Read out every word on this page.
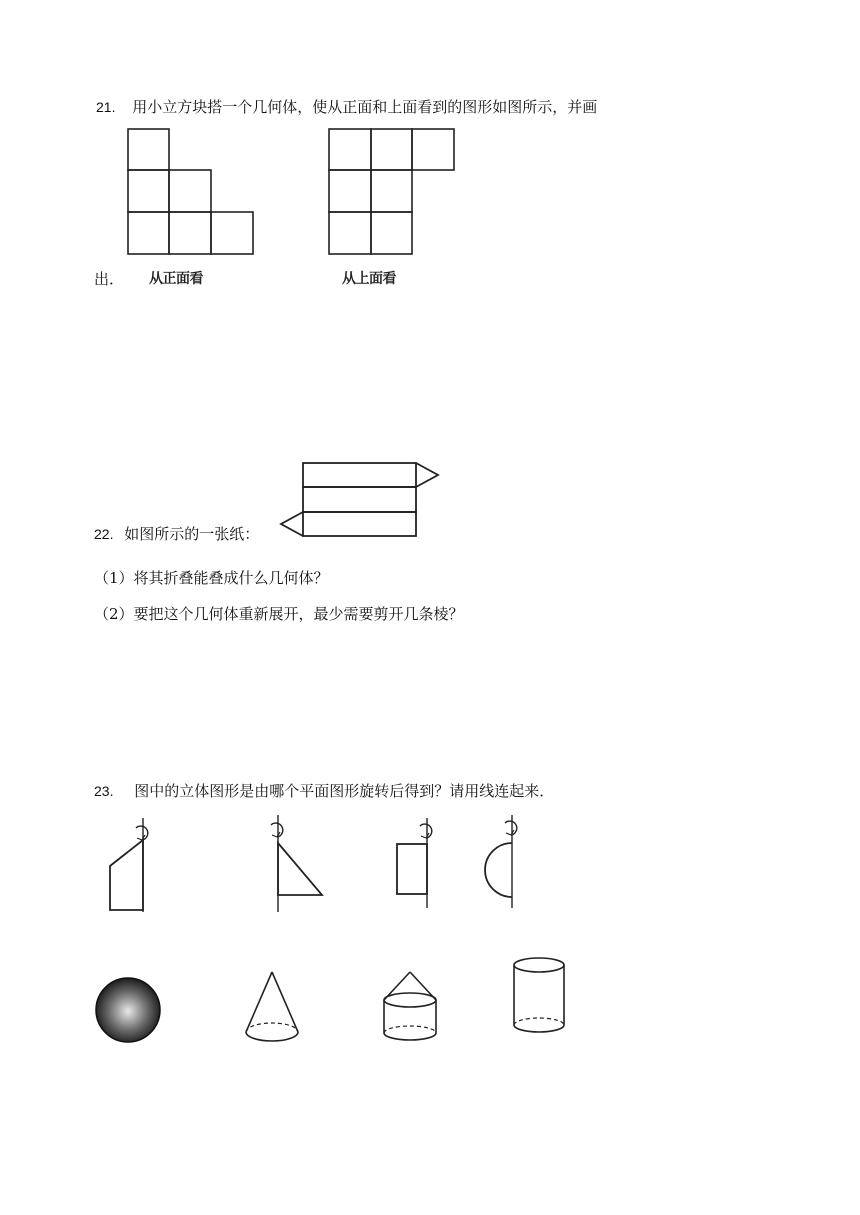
21. 用小立方块搭一个几何体，使从正面和上面看到的图形如图所示，并画
出． 从正面看	从上面看
22. 如图所示的一张纸：
（1）将其折叠能叠成什么几何体？
（2）要把这个几何体重新展开，最少需要剪开几条棱？
23. 图中的立体图形是由哪个平面图形旋转后得到？请用线连起来．
